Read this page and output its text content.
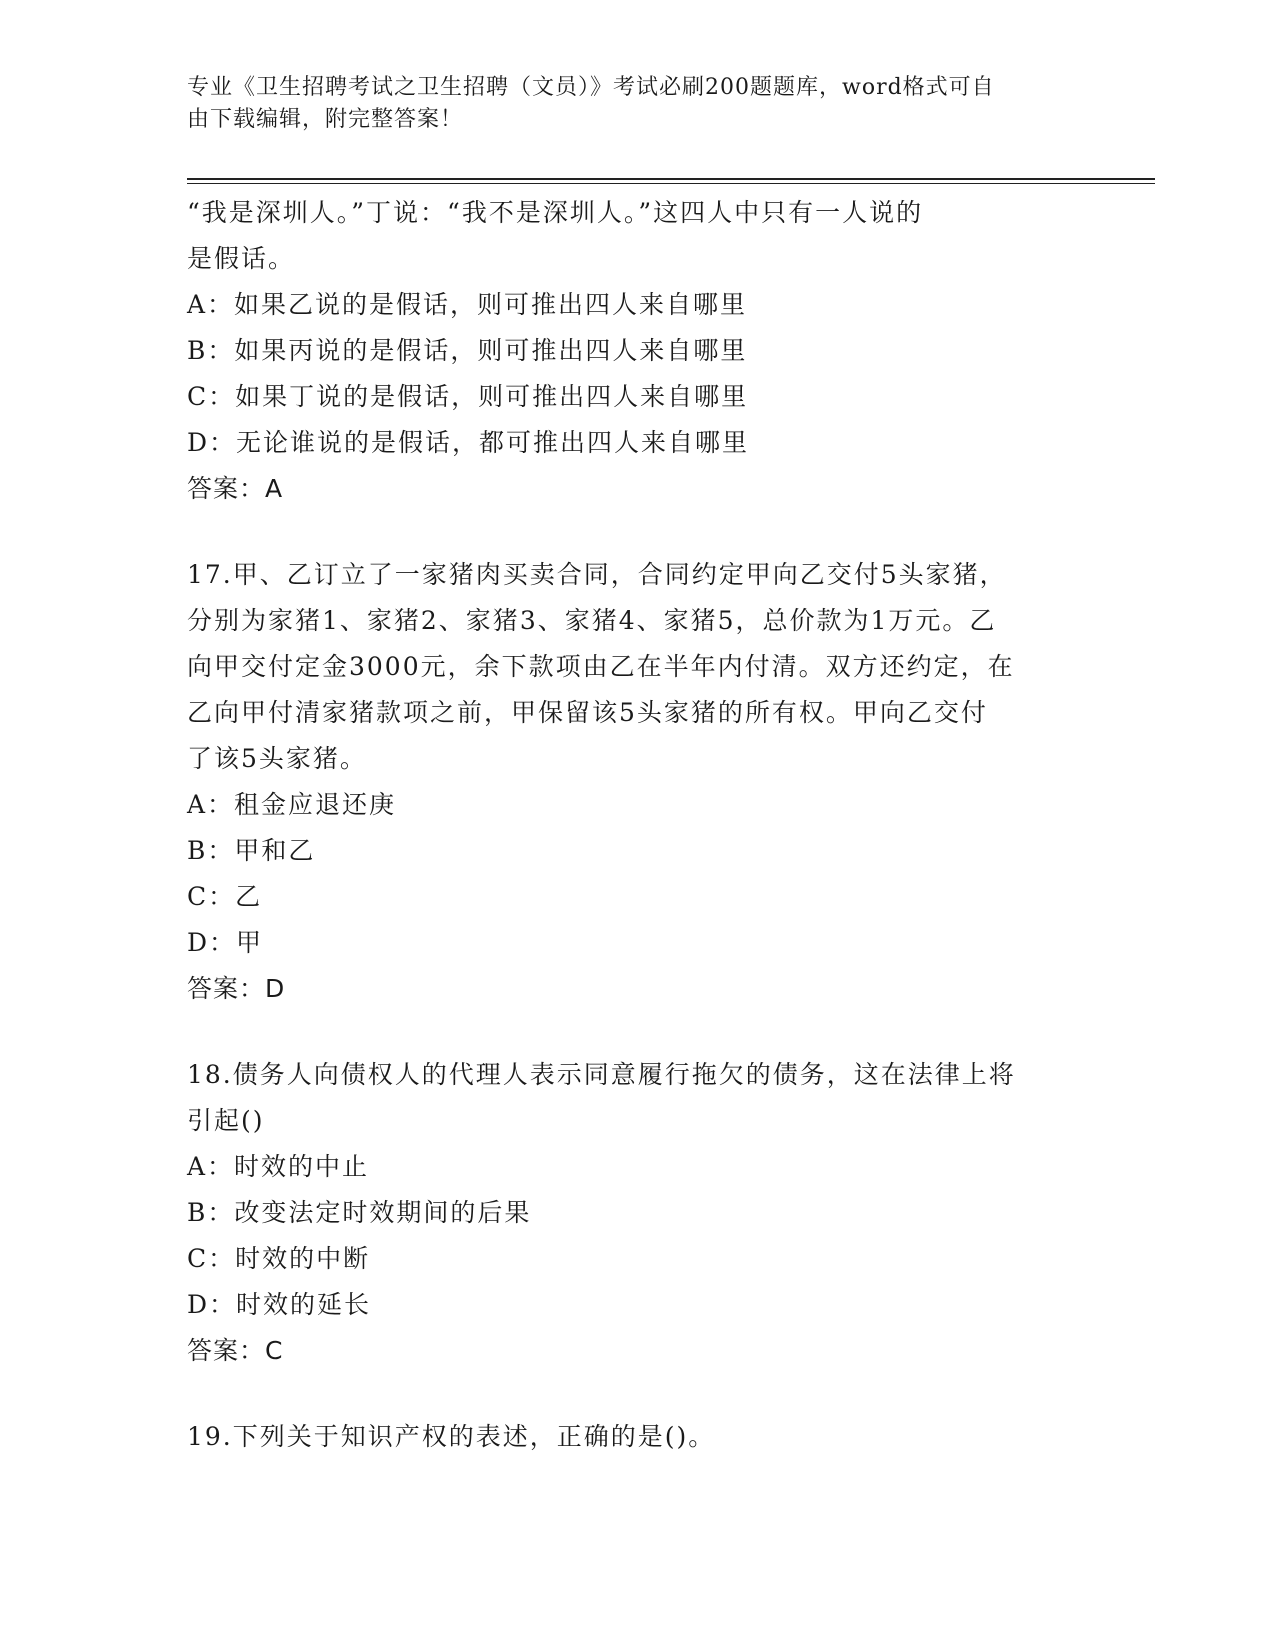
专业《卫生招聘考试之卫生招聘（文员）》考试必刷200题题库，word格式可自
由下载编辑，附完整答案！
“我是深圳人。”丁说：“我不是深圳人。”这四人中只有一人说的
是假话。
A：如果乙说的是假话，则可推出四人来自哪里
B：如果丙说的是假话，则可推出四人来自哪里
C：如果丁说的是假话，则可推出四人来自哪里
D：无论谁说的是假话，都可推出四人来自哪里
答案：A
17.甲、乙订立了一家猪肉买卖合同，合同约定甲向乙交付5头家猪，
分别为家猪1、家猪2、家猪3、家猪4、家猪5，总价款为1万元。乙
向甲交付定金3000元，余下款项由乙在半年内付清。双方还约定，在
乙向甲付清家猪款项之前，甲保留该5头家猪的所有权。甲向乙交付
了该5头家猪。
A：租金应退还庚
B：甲和乙
C：乙
D：甲
答案：D
18.债务人向债权人的代理人表示同意履行拖欠的债务，这在法律上将
引起()
A：时效的中止
B：改变法定时效期间的后果
C：时效的中断
D：时效的延长
答案：C
19.下列关于知识产权的表述，正确的是()。
